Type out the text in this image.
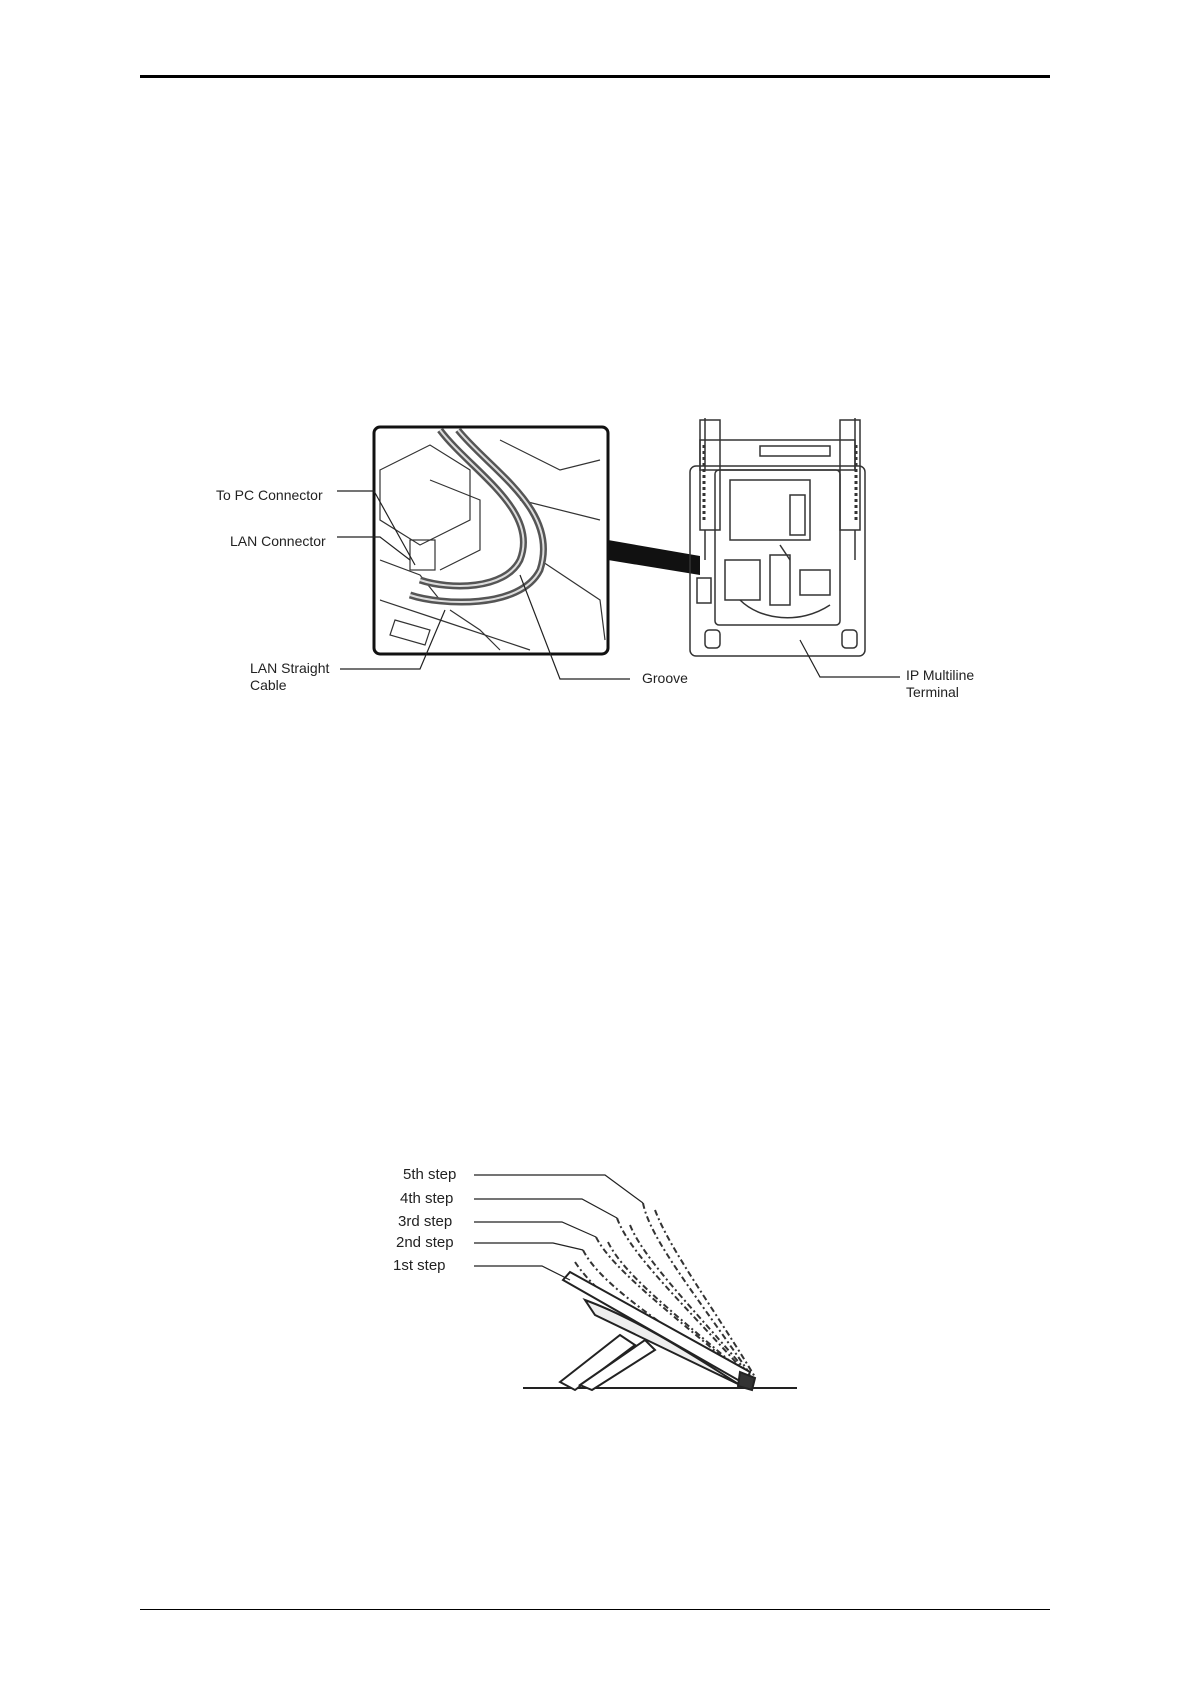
To PC Connector
LAN Connector
LAN Straight Cable	Groove	IP Multiline Terminal
5th step
4th step
3rd step
2nd step
1st step
